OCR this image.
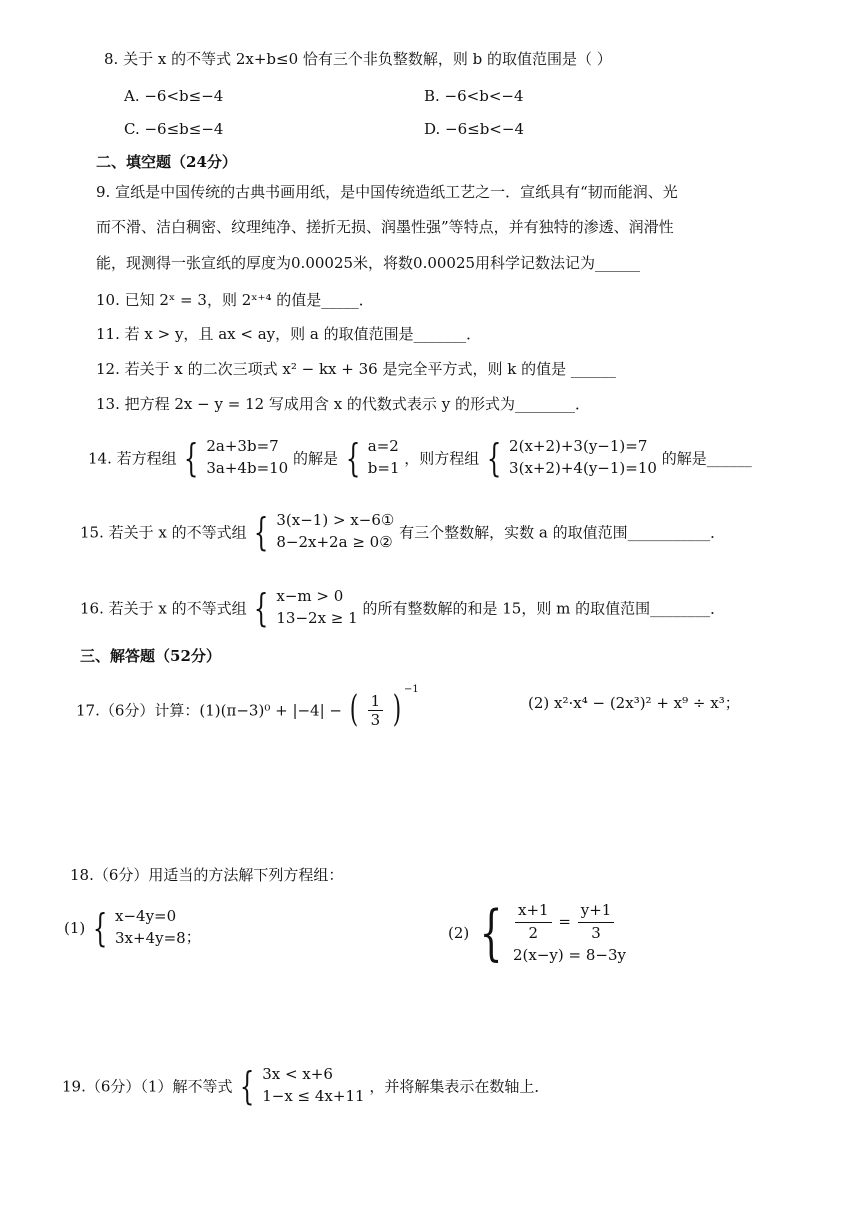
8. 关于 x 的不等式 2x+b≤0 恰有三个非负整数解，则 b 的取值范围是（ ）
A. −6<b≤−4	B. −6<b<−4
C. −6≤b≤−4	D. −6≤b<−4
二、填空题（24分）
9. 宣纸是中国传统的古典书画用纸，是中国传统造纸工艺之一．宣纸具有“韧而能润、光
而不滑、洁白稠密、纹理纯净、搓折无损、润墨性强”等特点，并有独特的渗透、润滑性
能，现测得一张宣纸的厚度为0.00025米，将数0.00025用科学记数法记为______
10. 已知 2ˣ = 3，则 2ˣ⁺⁴ 的值是_____．
11. 若 x > y，且 ax < ay，则 a 的取值范围是_______．
12. 若关于 x 的二次三项式 x² − kx + 36 是完全平方式，则 k 的值是 ______
13. 把方程 2x − y = 12 写成用含 x 的代数式表示 y 的形式为________．
14. 若方程组 { 2a+3b=7
3a+4b=10
的解是 { a=2
b=1
，则方程组 { 2(x+2)+3(y−1)=7
3(x+2)+4(y−1)=10
的解是______
15. 若关于 x 的不等式组 { 3(x−1) > x−6①
8−2x+2a ≥ 0②
有三个整数解，实数 a 的取值范围___________．
16. 若关于 x 的不等式组 { x−m > 0
13−2x ≥ 1
的所有整数解的和是 15，则 m 的取值范围________．
三、解答题（52分）
17.（6分）计算：(1)(π−3)⁰ + |−4| − ( $\frac{1}{3}$ ) $^{-1}$
(2) x²·x⁴ − (2x³)² + x⁹ ÷ x³；
18.（6分）用适当的方法解下列方程组：
(1) { x−4y=0
3x+4y=8 ；	(2) { $\frac{x+1}{2} = \frac{y+1}{3}$
2(x−y) = 8−3y
19.（6分）（1）解不等式 { 3x < x+6
1−x ≤ 4x+11
，并将解集表示在数轴上．
